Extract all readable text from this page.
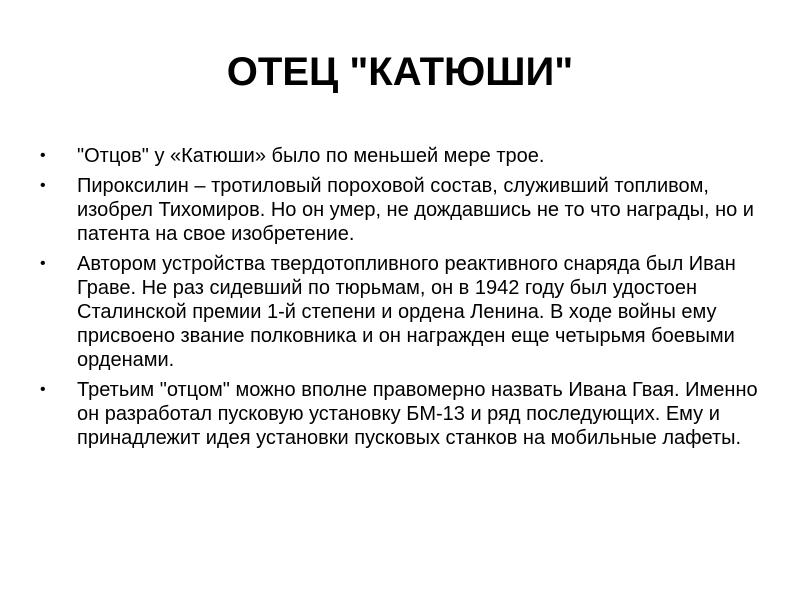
ОТЕЦ "КАТЮШИ"
•	"Отцов" у «Катюши» было по меньшей мере трое.
•	Пироксилин – тротиловый пороховой состав, служивший топливом, изобрел Тихомиров. Но он умер, не дождавшись не то что награды, но и патента на свое изобретение.
•	Автором устройства твердотопливного реактивного снаряда был Иван Граве. Не раз сидевший по тюрьмам, он в 1942 году был удостоен Сталинской премии 1-й степени и ордена Ленина. В ходе войны ему присвоено звание полковника и он награжден еще четырьмя боевыми орденами.
•	Третьим "отцом" можно вполне правомерно назвать Ивана Гвая. Именно он разработал пусковую установку БМ-13 и ряд последующих. Ему и принадлежит идея установки пусковых станков на мобильные лафеты.
